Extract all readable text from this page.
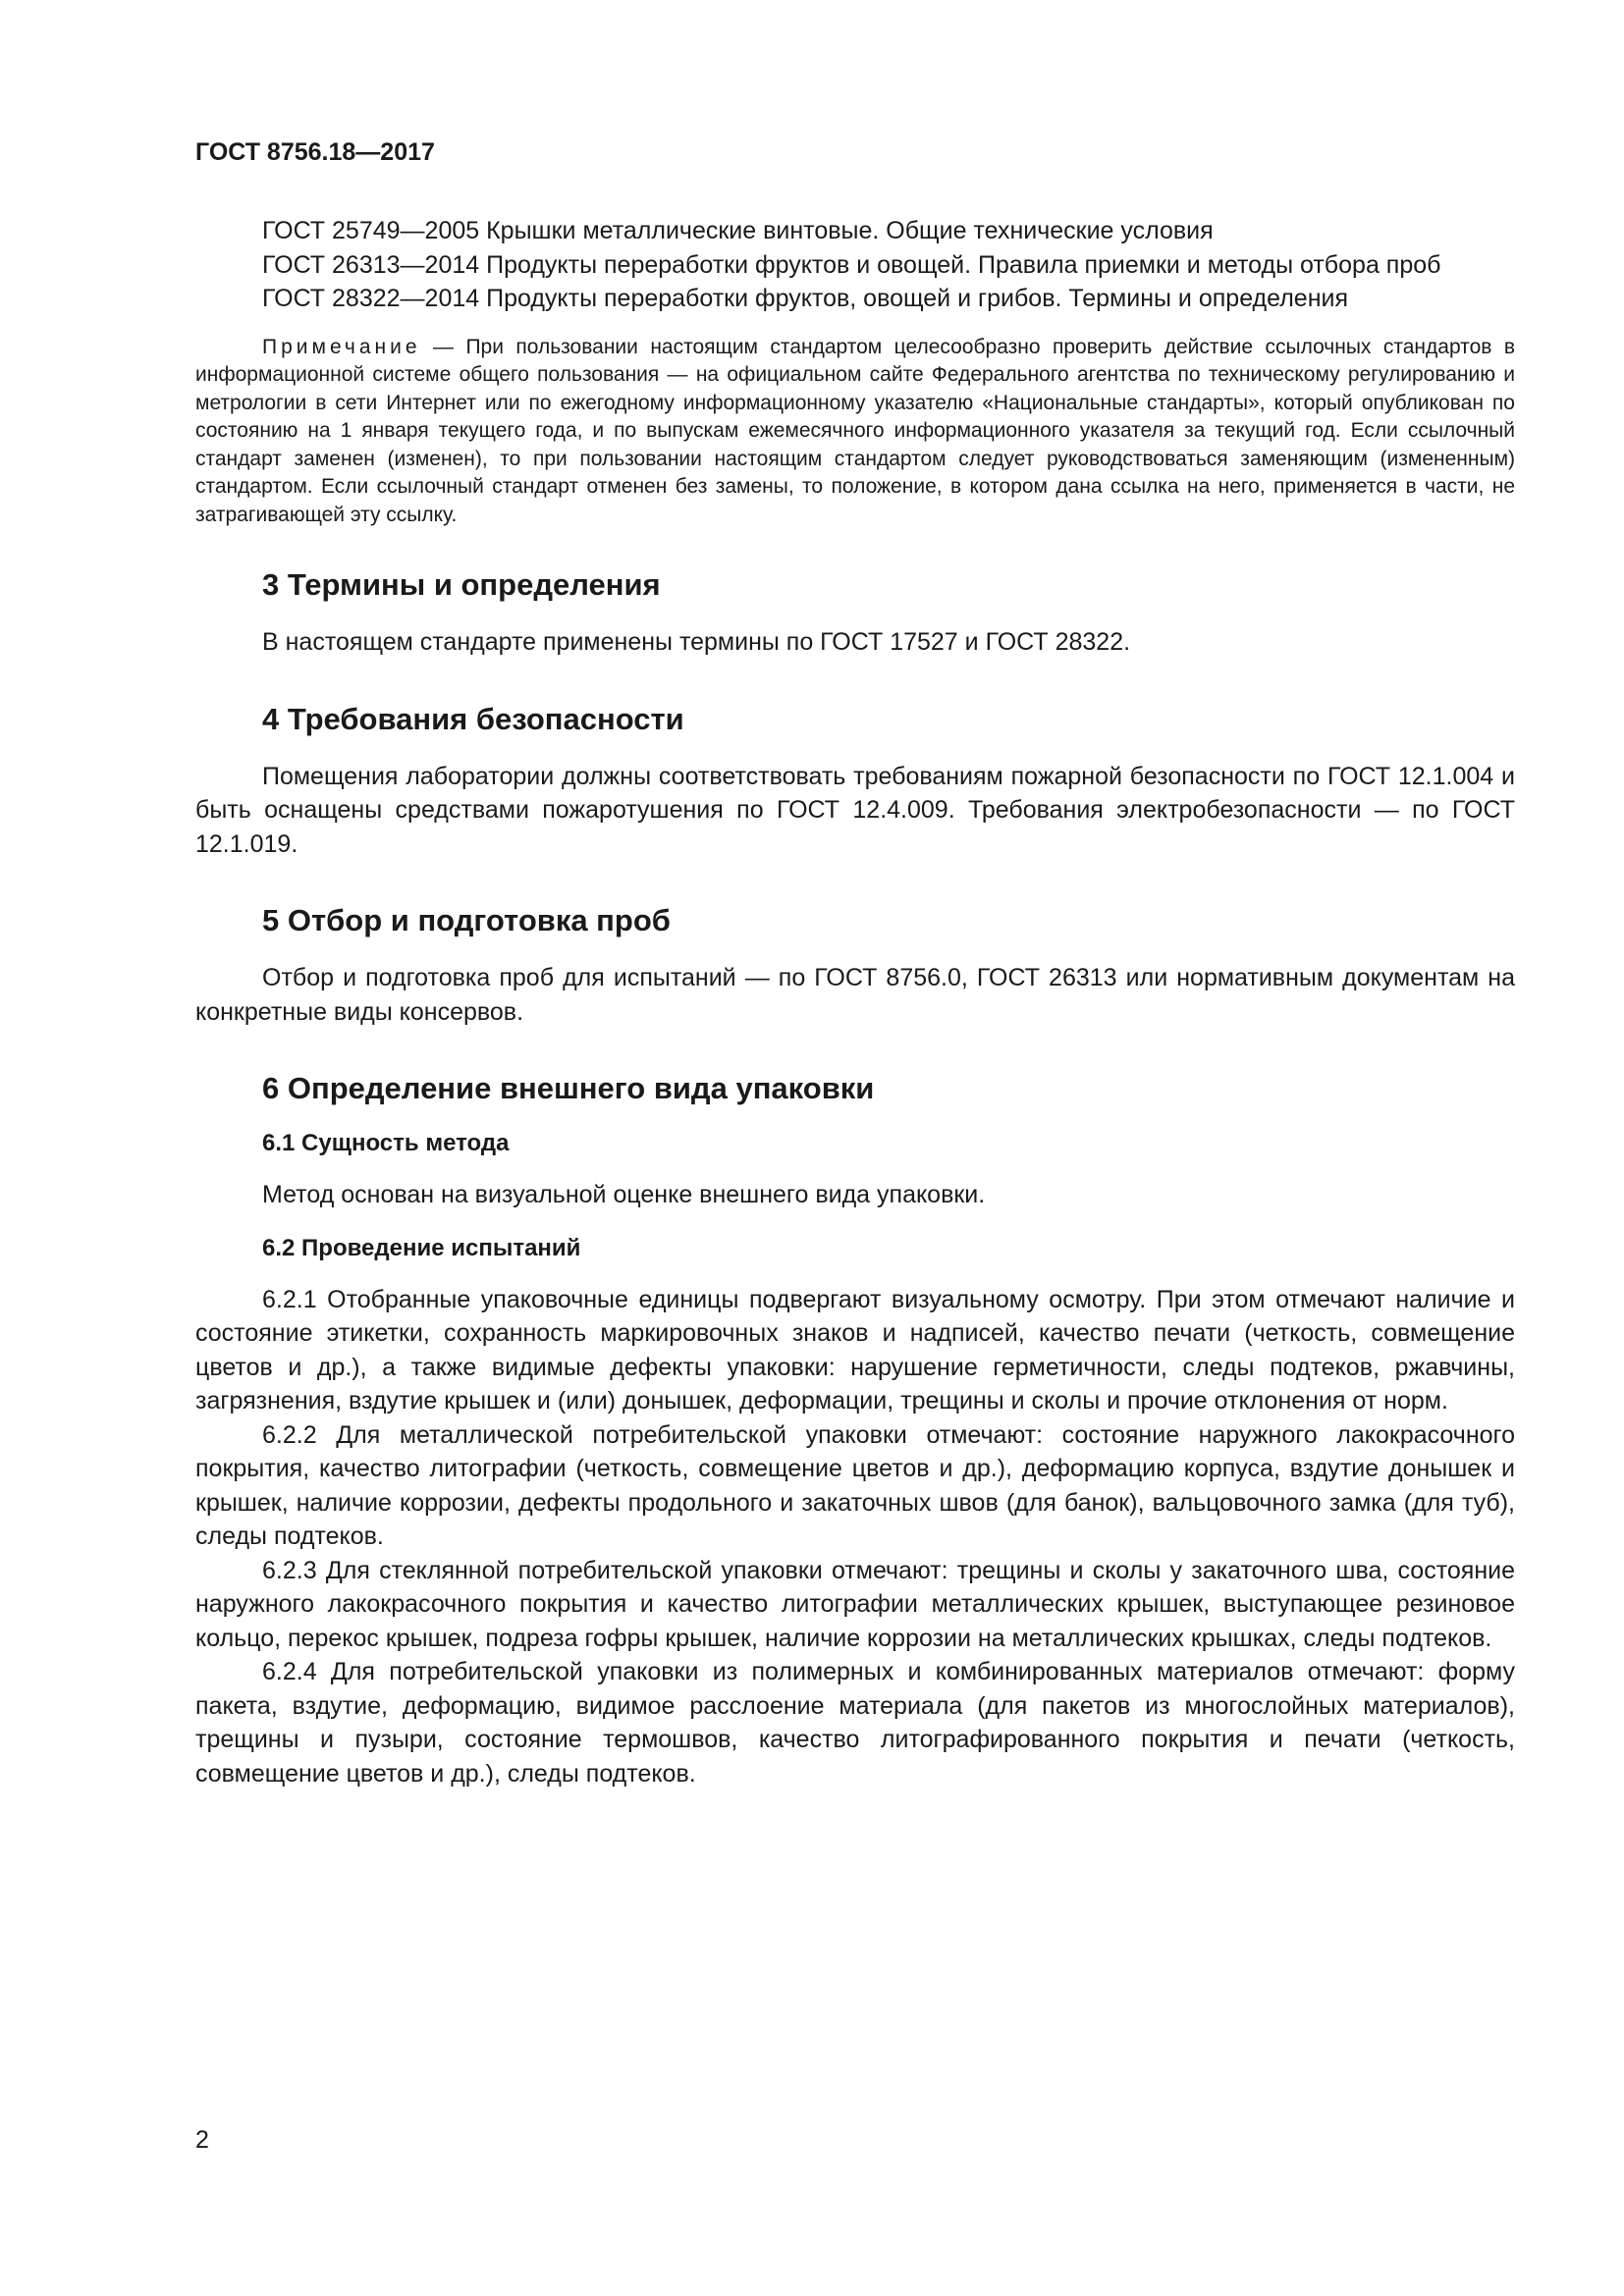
ГОСТ 8756.18—2017

ГОСТ 25749—2005 Крышки металлические винтовые. Общие технические условия

ГОСТ 26313—2014 Продукты переработки фруктов и овощей. Правила приемки и методы отбора проб

ГОСТ 28322—2014 Продукты переработки фруктов, овощей и грибов. Термины и определения

Примечание — При пользовании настоящим стандартом целесообразно проверить действие ссылочных стандартов в информационной системе общего пользования — на официальном сайте Федерального агентства по техническому регулированию и метрологии в сети Интернет или по ежегодному информационному указателю «Национальные стандарты», который опубликован по состоянию на 1 января текущего года, и по выпускам ежемесячного информационного указателя за текущий год. Если ссылочный стандарт заменен (изменен), то при пользовании настоящим стандартом следует руководствоваться заменяющим (измененным) стандартом. Если ссылочный стандарт отменен без замены, то положение, в котором дана ссылка на него, применяется в части, не затрагивающей эту ссылку.

3 Термины и определения

В настоящем стандарте применены термины по ГОСТ 17527 и ГОСТ 28322.

4 Требования безопасности

Помещения лаборатории должны соответствовать требованиям пожарной безопасности по ГОСТ 12.1.004 и быть оснащены средствами пожаротушения по ГОСТ 12.4.009. Требования электробезопасности — по ГОСТ 12.1.019.

5 Отбор и подготовка проб

Отбор и подготовка проб для испытаний — по ГОСТ 8756.0, ГОСТ 26313 или нормативным документам на конкретные виды консервов.

6 Определение внешнего вида упаковки
6.1 Сущность метода

Метод основан на визуальной оценке внешнего вида упаковки.

6.2 Проведение испытаний

6.2.1 Отобранные упаковочные единицы подвергают визуальному осмотру. При этом отмечают наличие и состояние этикетки, сохранность маркировочных знаков и надписей, качество печати (четкость, совмещение цветов и др.), а также видимые дефекты упаковки: нарушение герметичности, следы подтеков, ржавчины, загрязнения, вздутие крышек и (или) донышек, деформации, трещины и сколы и прочие отклонения от норм.

6.2.2 Для металлической потребительской упаковки отмечают: состояние наружного лакокрасочного покрытия, качество литографии (четкость, совмещение цветов и др.), деформацию корпуса, вздутие донышек и крышек, наличие коррозии, дефекты продольного и закаточных швов (для банок), вальцовочного замка (для туб), следы подтеков.

6.2.3 Для стеклянной потребительской упаковки отмечают: трещины и сколы у закаточного шва, состояние наружного лакокрасочного покрытия и качество литографии металлических крышек, выступающее резиновое кольцо, перекос крышек, подреза гофры крышек, наличие коррозии на металлических крышках, следы подтеков.

6.2.4 Для потребительской упаковки из полимерных и комбинированных материалов отмечают: форму пакета, вздутие, деформацию, видимое расслоение материала (для пакетов из многослойных материалов), трещины и пузыри, состояние термошвов, качество литографированного покрытия и печати (четкость, совмещение цветов и др.), следы подтеков.

2
